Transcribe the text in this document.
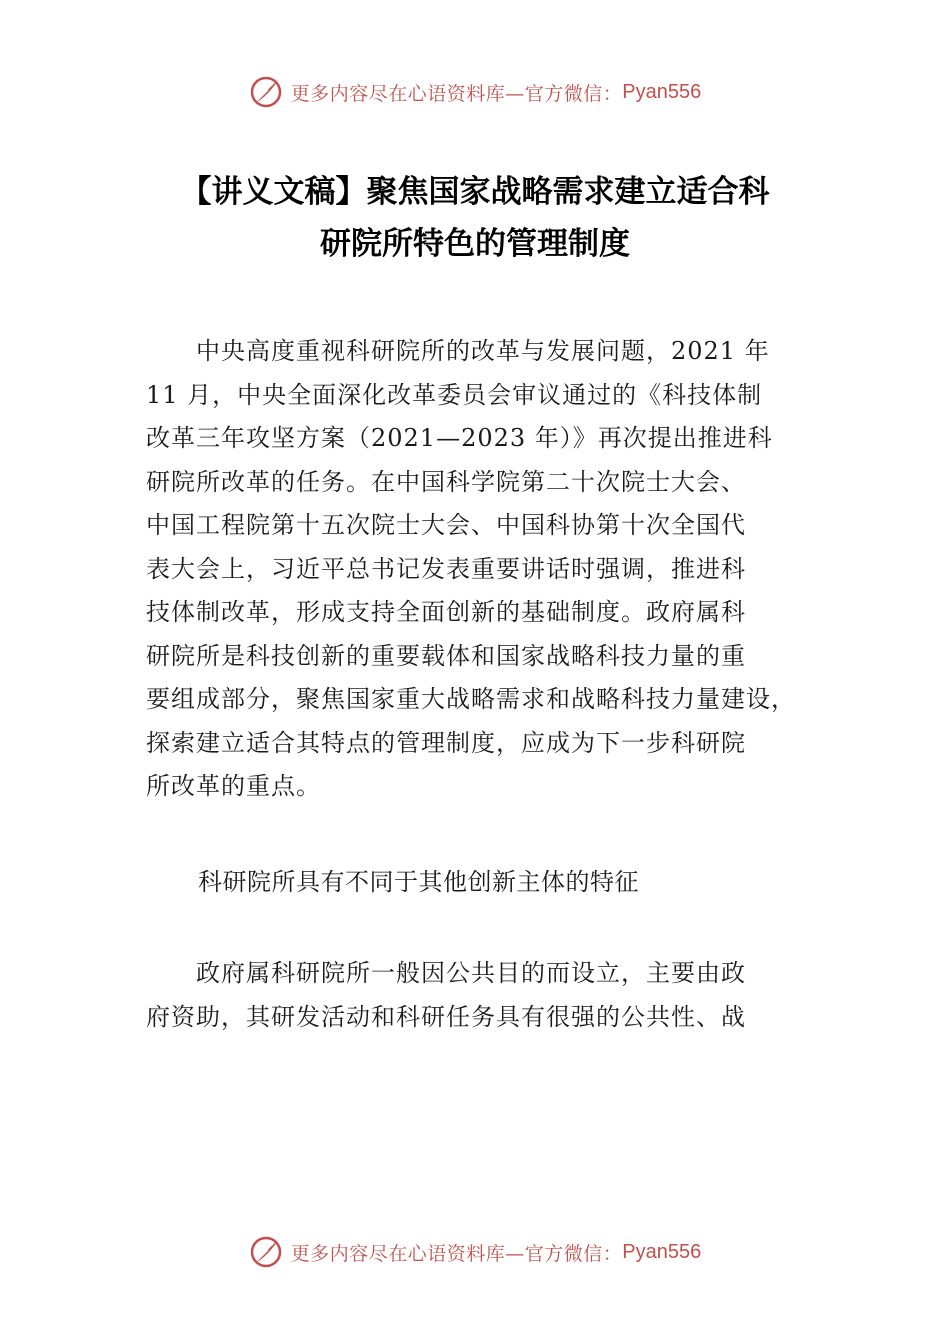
更多内容尽在心语资料库—官方微信： Pyan556
【讲义文稿】聚焦国家战略需求建立适合科
研院所特色的管理制度
　　中央高度重视科研院所的改革与发展问题，2021 年
11 月，中央全面深化改革委员会审议通过的《科技体制
改革三年攻坚方案（2021—2023 年）》再次提出推进科
研院所改革的任务。在中国科学院第二十次院士大会、
中国工程院第十五次院士大会、中国科协第十次全国代
表大会上，习近平总书记发表重要讲话时强调，推进科
技体制改革，形成支持全面创新的基础制度。政府属科
研院所是科技创新的重要载体和国家战略科技力量的重
要组成部分，聚焦国家重大战略需求和战略科技力量建设，
探索建立适合其特点的管理制度，应成为下一步科研院
所改革的重点。
科研院所具有不同于其他创新主体的特征
　　政府属科研院所一般因公共目的而设立，主要由政
府资助，其研发活动和科研任务具有很强的公共性、战
更多内容尽在心语资料库—官方微信： Pyan556
